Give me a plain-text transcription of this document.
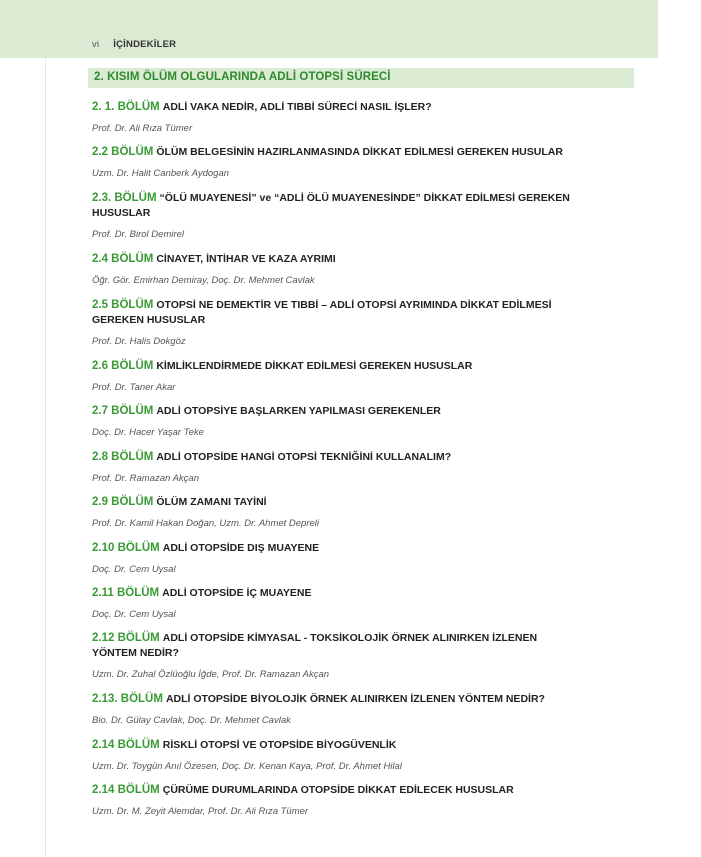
vi İÇİNDEKİLER
2. KISIM ÖLÜM OLGULARINDA ADLİ OTOPSİ SÜRECİ
2. 1. BÖLÜM ADLİ VAKA NEDİR, ADLİ TIBBİ SÜRECİ NASIL İŞLER?
Prof. Dr. Ali Rıza Tümer
2.2 BÖLÜM ÖLÜM BELGESİNİN HAZIRLANMASINDA DİKKAT EDİLMESİ GEREKEN HUSULAR
Uzm. Dr. Halit Canberk Aydogan
2.3. BÖLÜM “ÖLÜ MUAYENESİ” ve “ADLİ ÖLÜ MUAYENESİNDE” DİKKAT EDİLMESİ GEREKEN HUSUSLAR
Prof. Dr. Birol Demirel
2.4 BÖLÜM CİNAYET, İNTİHAR VE KAZA AYRIMI
Öğr. Gör. Emirhan Demiray, Doç. Dr. Mehmet Cavlak
2.5 BÖLÜM OTOPSİ NE DEMEKTİR VE TIBBİ – ADLİ OTOPSİ AYRIMINDA DİKKAT EDİLMESİ GEREKEN HUSUSLAR
Prof. Dr. Halis Dokgöz
2.6 BÖLÜM KİMLİKLENDİRMEDE DİKKAT EDİLMESİ GEREKEN HUSUSLAR
Prof. Dr. Taner Akar
2.7 BÖLÜM ADLİ OTOPSİYE BAŞLARKEN YAPILMASI GEREKENLER
Doç. Dr. Hacer Yaşar Teke
2.8 BÖLÜM ADLİ OTOPSİDE HANGİ OTOPSİ TEKNİĞİNİ KULLANALIM?
Prof. Dr. Ramazan Akçan
2.9 BÖLÜM ÖLÜM ZAMANI TAYİNİ
Prof. Dr. Kamil Hakan Doğan, Uzm. Dr. Ahmet Depreli
2.10 BÖLÜM ADLİ OTOPSİDE DIŞ MUAYENE
Doç. Dr. Cem Uysal
2.11 BÖLÜM ADLİ OTOPSİDE İÇ MUAYENE
Doç. Dr. Cem Uysal
2.12 BÖLÜM ADLİ OTOPSİDE KİMYASAL - TOKSİKOLOJİK ÖRNEK ALINIRKEN İZLENEN YÖNTEM NEDİR?
Uzm. Dr. Zuhal Özlüoğlu İğde, Prof. Dr. Ramazan Akçan
2.13. BÖLÜM ADLİ OTOPSİDE BİYOLOJİK ÖRNEK ALINIRKEN İZLENEN YÖNTEM NEDİR?
Bio. Dr. Gülay Cavlak, Doç. Dr. Mehmet Cavlak
2.14 BÖLÜM RİSKLİ OTOPSİ VE OTOPSİDE BİYOGÜVENLİK
Uzm. Dr. Toygün Anıl Özesen, Doç. Dr. Kenan Kaya, Prof. Dr. Ahmet Hilal
2.14 BÖLÜM ÇÜRÜME DURUMLARINDA OTOPSİDE DİKKAT EDİLECEK HUSUSLAR
Uzm. Dr. M. Zeyit Alemdar, Prof. Dr. Ali Rıza Tümer
